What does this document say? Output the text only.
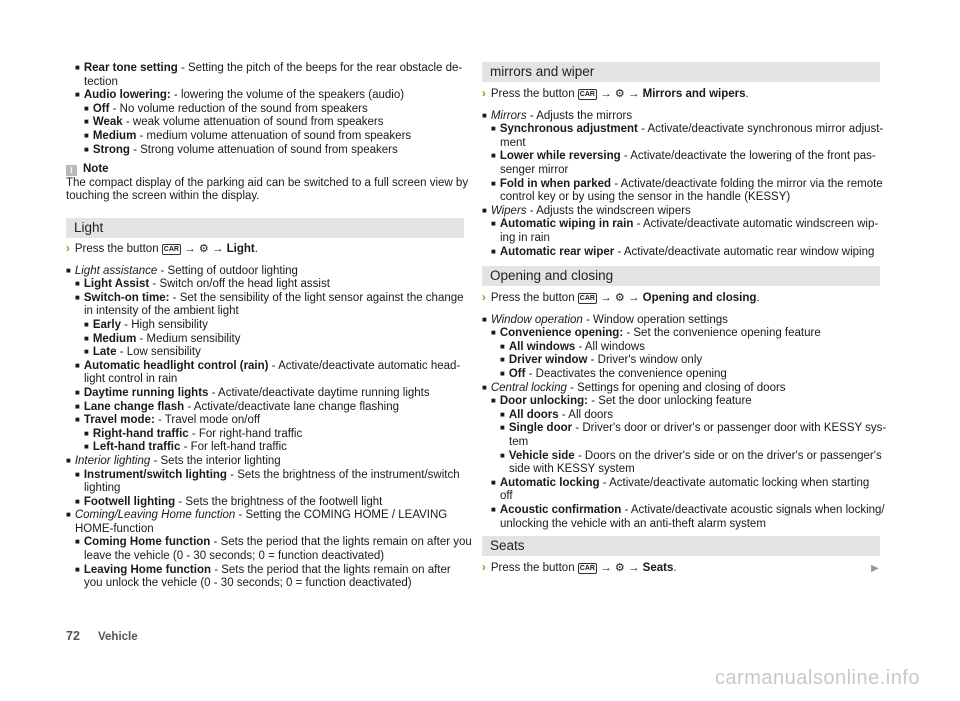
■ Rear tone setting - Setting the pitch of the beeps for the rear obstacle de-
tection
■ Audio lowering: - lowering the volume of the speakers (audio)
■ Off - No volume reduction of the sound from speakers
■ Weak - weak volume attenuation of sound from speakers
■ Medium - medium volume attenuation of sound from speakers
■ Strong - Strong volume attenuation of sound from speakers
i Note
The compact display of the parking aid can be switched to a full screen view by
touching the screen within the display.
Light
› Press the button CAR → ⚙ → Light.
■ Light assistance - Setting of outdoor lighting
■ Light Assist - Switch on/off the head light assist
■ Switch-on time: - Set the sensibility of the light sensor against the change
in intensity of the ambient light
■ Early - High sensibility
■ Medium - Medium sensibility
■ Late - Low sensibility
■ Automatic headlight control (rain) - Activate/deactivate automatic head-
light control in rain
■ Daytime running lights - Activate/deactivate daytime running lights
■ Lane change flash - Activate/deactivate lane change flashing
■ Travel mode: - Travel mode on/off
■ Right-hand traffic - For right-hand traffic
■ Left-hand traffic - For left-hand traffic
■ Interior lighting - Sets the interior lighting
■ Instrument/switch lighting - Sets the brightness of the instrument/switch
lighting
■ Footwell lighting - Sets the brightness of the footwell light
■ Coming/Leaving Home function - Setting the COMING HOME / LEAVING
HOME-function
■ Coming Home function - Sets the period that the lights remain on after you
leave the vehicle (0 - 30 seconds; 0 = function deactivated)
■ Leaving Home function - Sets the period that the lights remain on after
you unlock the vehicle (0 - 30 seconds; 0 = function deactivated)
mirrors and wiper
› Press the button CAR → ⚙ → Mirrors and wipers.
■ Mirrors - Adjusts the mirrors
■ Synchronous adjustment - Activate/deactivate synchronous mirror adjust-
ment
■ Lower while reversing - Activate/deactivate the lowering of the front pas-
senger mirror
■ Fold in when parked - Activate/deactivate folding the mirror via the remote
control key or by using the sensor in the handle (KESSY)
■ Wipers - Adjusts the windscreen wipers
■ Automatic wiping in rain - Activate/deactivate automatic windscreen wip-
ing in rain
■ Automatic rear wiper - Activate/deactivate automatic rear window wiping
Opening and closing
› Press the button CAR → ⚙ → Opening and closing.
■ Window operation - Window operation settings
■ Convenience opening: - Set the convenience opening feature
■ All windows - All windows
■ Driver window - Driver's window only
■ Off - Deactivates the convenience opening
■ Central locking - Settings for opening and closing of doors
■ Door unlocking: - Set the door unlocking feature
■ All doors - All doors
■ Single door - Driver's door or driver's or passenger door with KESSY sys-
tem
■ Vehicle side - Doors on the driver's side or on the driver's or passenger's
side with KESSY system
■ Automatic locking - Activate/deactivate automatic locking when starting
off
■ Acoustic confirmation - Activate/deactivate acoustic signals when locking/
unlocking the vehicle with an anti-theft alarm system
Seats
› Press the button CAR → ⚙ → Seats.	▶
72 Vehicle
carmanualsonline.info
